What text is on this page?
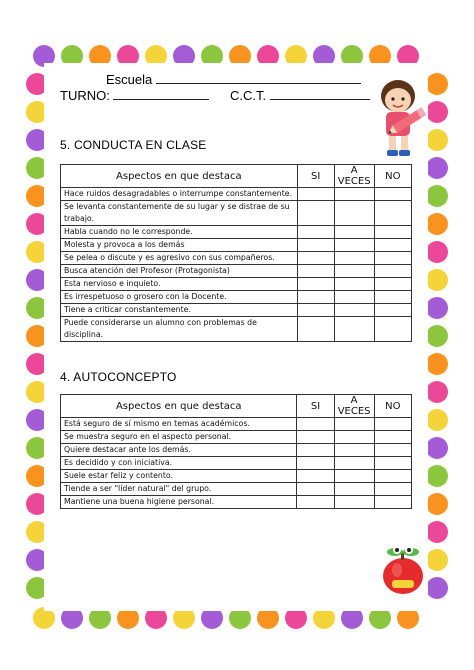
Escuela
TURNO:	C.C.T.
5. CONDUCTA EN CLASE
Aspectos en que destaca	SI	A VECES	NO
Hace ruidos desagradables o interrumpe constantemente.			
Se levanta constantemente de su lugar y se distrae de su trabajo.			
Habla cuando no le corresponde.			
Molesta y provoca a los demás			
Se pelea o discute y es agresivo con sus compañeros.			
Busca atención del Profesor (Protagonista)			
Esta nervioso e inquieto.			
Es irrespetuoso o grosero con la Docente.			
Tiene a criticar constantemente.			
Puede considerarse un alumno con problemas de disciplina.			
4. AUTOCONCEPTO
Aspectos en que destaca	SI	A VECES	NO
Está seguro de sí mismo en temas académicos.			
Se muestra seguro en el aspecto personal.			
Quiere destacar ante los demás.			
Es decidido y con iniciativa.			
Suele estar feliz y contento.			
Tiende a ser "líder natural" del grupo.			
Mantiene una buena higiene personal.			
